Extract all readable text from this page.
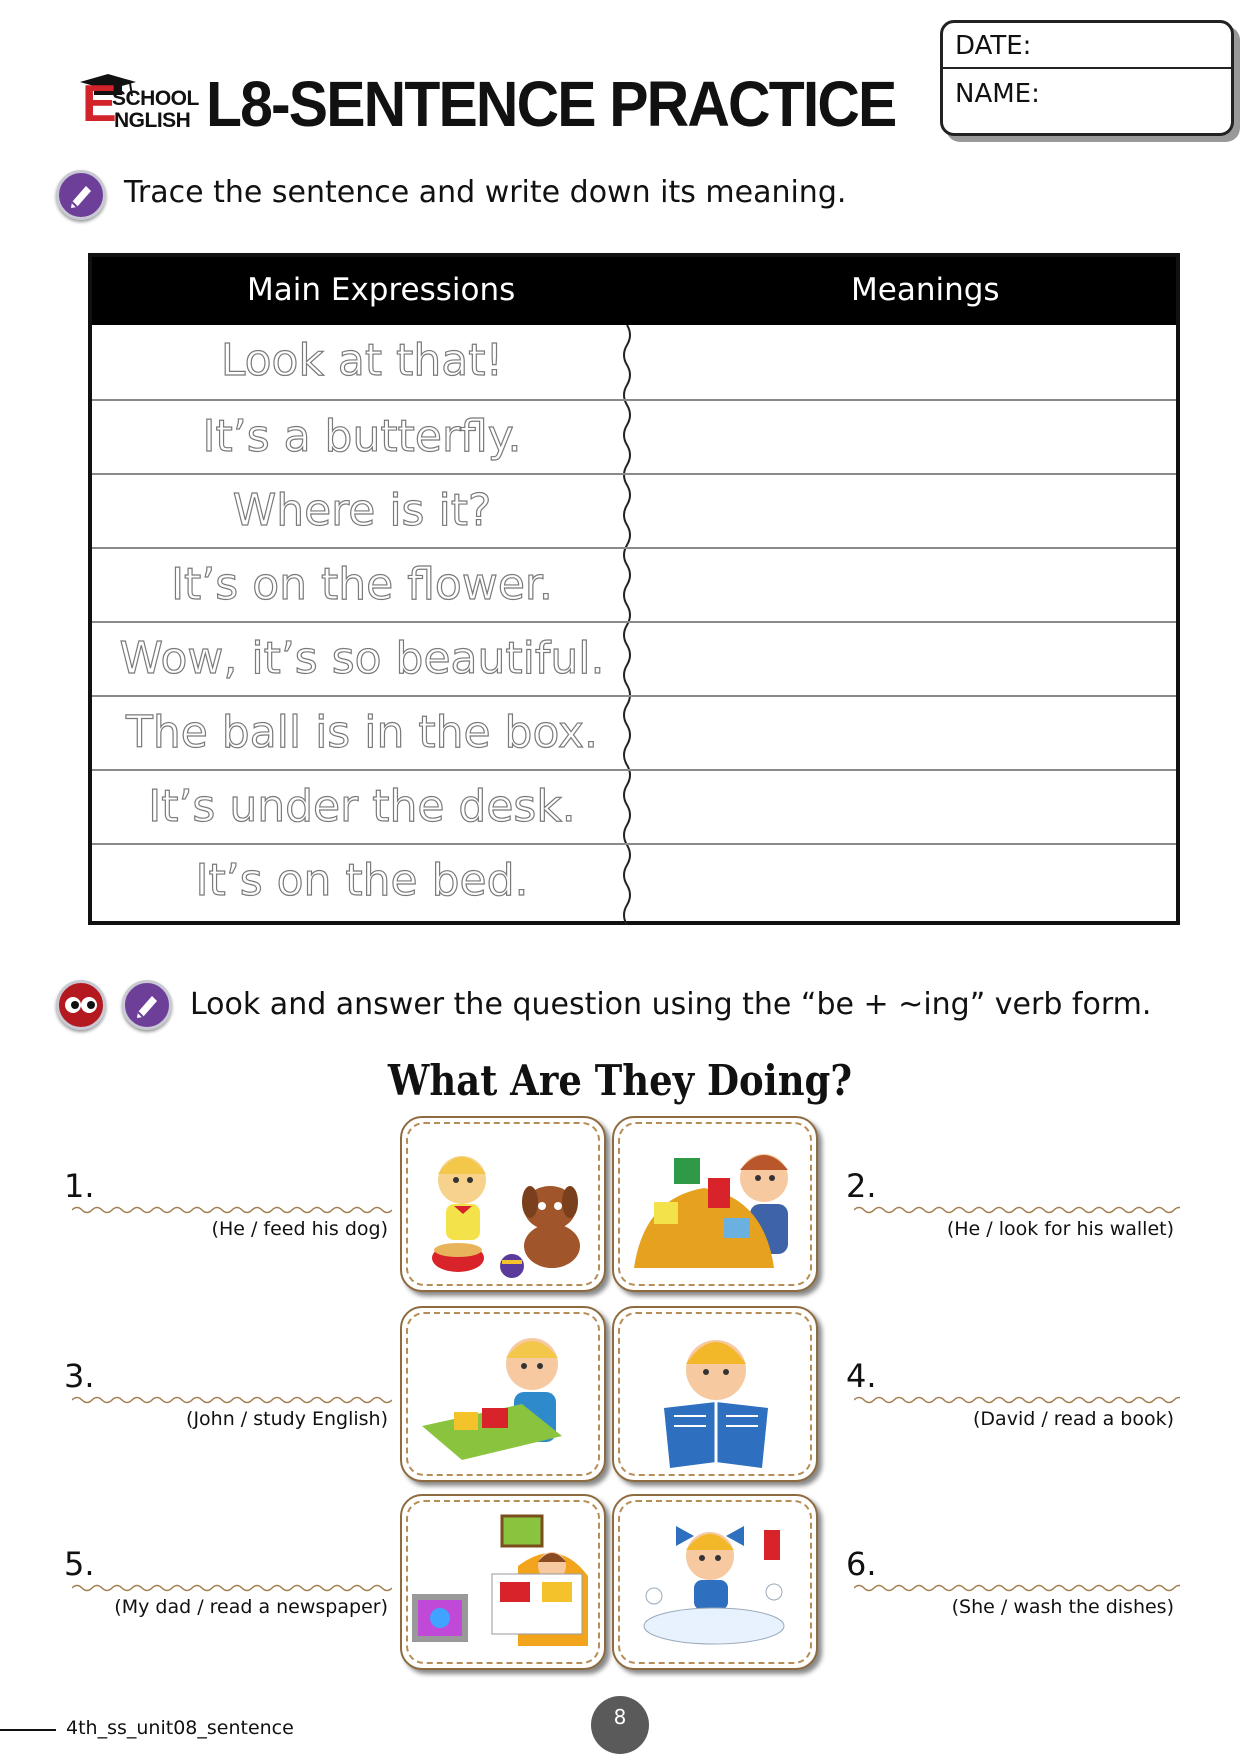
E
SCHOOL
NGLISH L8-SENTENCE PRACTICE
DATE:
NAME:
Trace the sentence and write down its meaning.
Main Expressions	Meanings
Look at that!
It’s a butterfly.
Where is it?
It’s on the flower.
Wow, it’s so beautiful.
The ball is in the box.
It’s under the desk.
It’s on the bed.
Look and answer the question using the “be + ~ing” verb form.
What Are They Doing?
1.
(He / feed his dog)
3.
(John / study English)
5.
(My dad / read a newspaper)
2.
(He / look for his wallet)
4.
(David / read a book)
6.
(She / wash the dishes)
4th_ss_unit08_sentence	8
